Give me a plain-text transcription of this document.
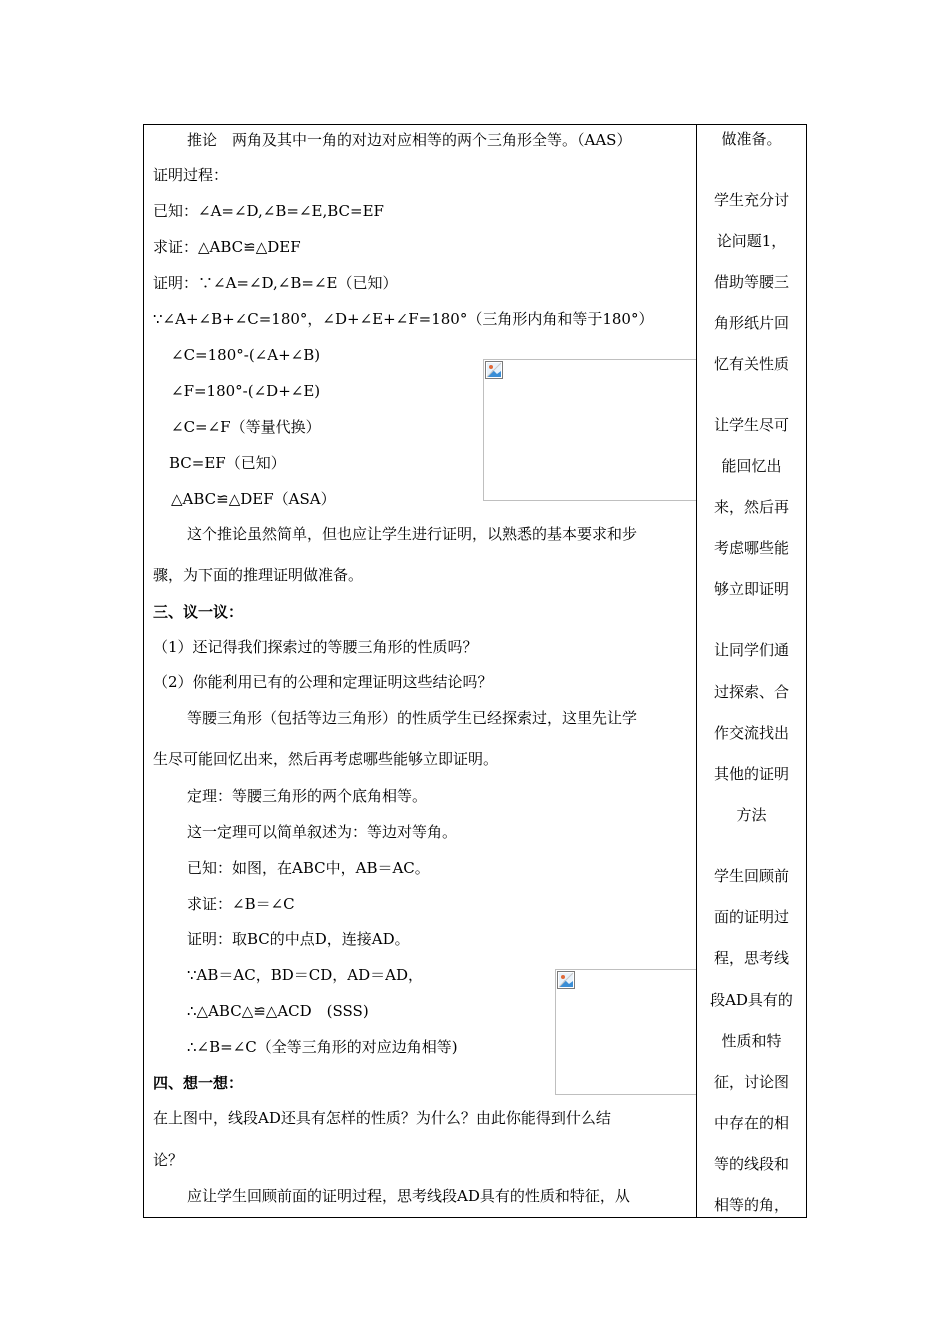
推论　两角及其中一角的对边对应相等的两个三角形全等。（AAS）
证明过程：
已知：∠A=∠D,∠B=∠E,BC=EF
求证：△ABC≌△DEF
证明：∵∠A=∠D,∠B=∠E（已知）
∵∠A+∠B+∠C=180°，∠D+∠E+∠F=180°（三角形内角和等于180°）
∠C=180°-(∠A+∠B)
∠F=180°-(∠D+∠E)
∠C=∠F（等量代换）
BC=EF（已知）
△ABC≌△DEF（ASA）
这个推论虽然简单，但也应让学生进行证明，以熟悉的基本要求和步
骤，为下面的推理证明做准备。
三、议一议：
（1）还记得我们探索过的等腰三角形的性质吗？
（2）你能利用已有的公理和定理证明这些结论吗？
等腰三角形（包括等边三角形）的性质学生已经探索过，这里先让学
生尽可能回忆出来，然后再考虑哪些能够立即证明。
定理：等腰三角形的两个底角相等。
这一定理可以简单叙述为：等边对等角。
已知：如图，在ABC中，AB＝AC。
求证：∠B＝∠C
证明：取BC的中点D，连接AD。
∵AB＝AC，BD＝CD，AD＝AD，
∴△ABC△≌△ACD　(SSS)
∴∠B=∠C（全等三角形的对应边角相等)
四、想一想：
在上图中，线段AD还具有怎样的性质？为什么？由此你能得到什么结
论？
应让学生回顾前面的证明过程，思考线段AD具有的性质和特征，从
做准备。
学生充分讨
论问题1，
借助等腰三
角形纸片回
忆有关性质
让学生尽可
能回忆出
来，然后再
考虑哪些能
够立即证明
让同学们通
过探索、合
作交流找出
其他的证明
方法
学生回顾前
面的证明过
程，思考线
段AD具有的
性质和特
征，讨论图
中存在的相
等的线段和
相等的角，
